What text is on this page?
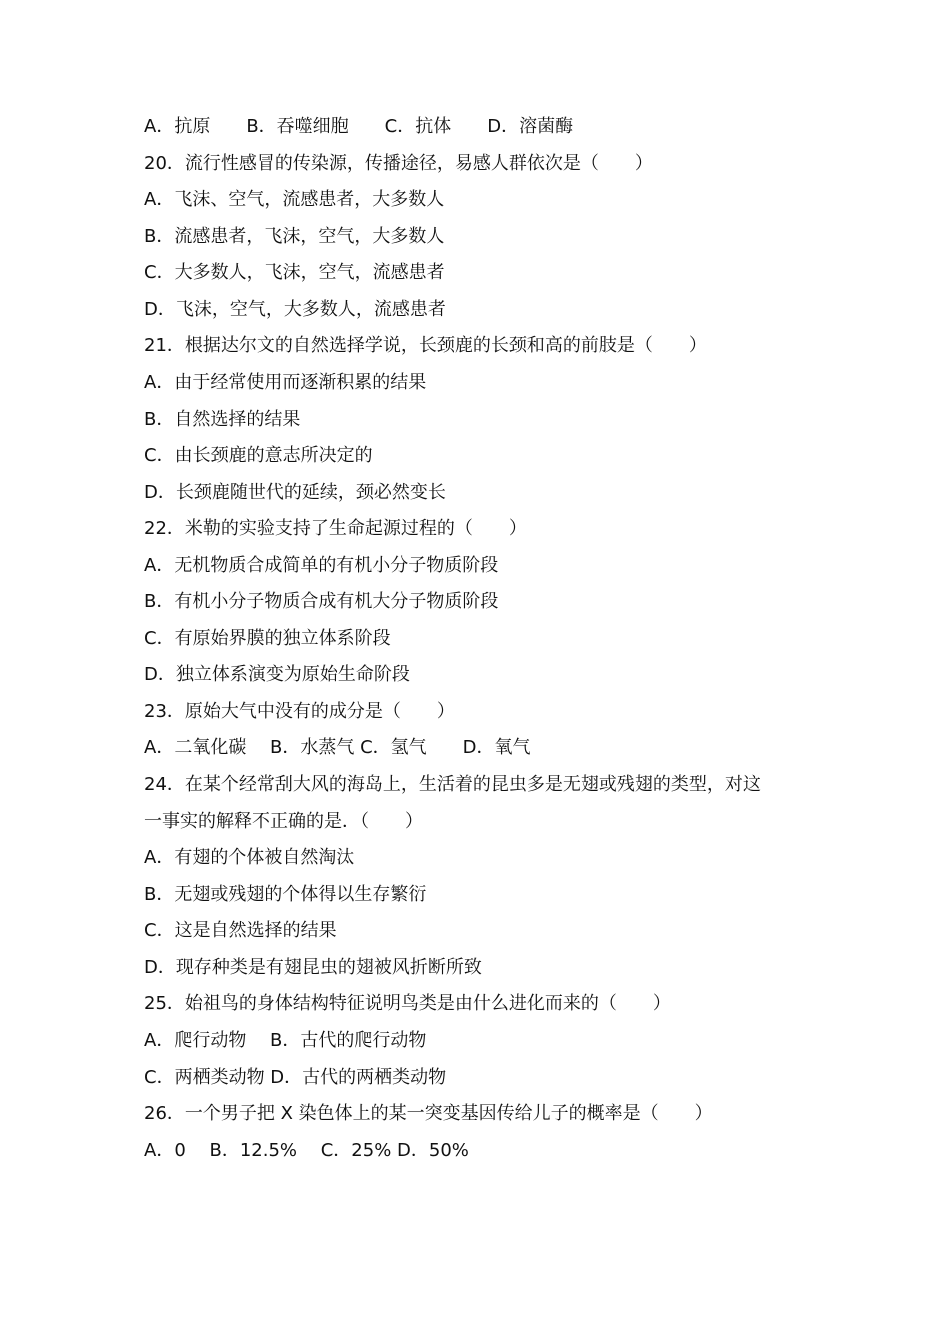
A．抗原　　B．吞噬细胞　　C．抗体　　D．溶菌酶
20．流行性感冒的传染源，传播途径，易感人群依次是（　　）
A．飞沫、空气，流感患者，大多数人
B．流感患者，飞沫，空气，大多数人
C．大多数人，飞沫，空气，流感患者
D．飞沫，空气，大多数人，流感患者
21．根据达尔文的自然选择学说，长颈鹿的长颈和高的前肢是（　　）
A．由于经常使用而逐渐积累的结果
B．自然选择的结果
C．由长颈鹿的意志所决定的
D．长颈鹿随世代的延续，颈必然变长
22．米勒的实验支持了生命起源过程的（　　）
A．无机物质合成简单的有机小分子物质阶段
B．有机小分子物质合成有机大分子物质阶段
C．有原始界膜的独立体系阶段
D．独立体系演变为原始生命阶段
23．原始大气中没有的成分是（　　）
A．二氧化碳　 B．水蒸气 C．氢气　　D．氧气
24．在某个经常刮大风的海岛上，生活着的昆虫多是无翅或残翅的类型，对这
一事实的解释不正确的是．（　　）
A．有翅的个体被自然淘汰
B．无翅或残翅的个体得以生存繁衍
C．这是自然选择的结果
D．现存种类是有翅昆虫的翅被风折断所致
25．始祖鸟的身体结构特征说明鸟类是由什么进化而来的（　　）
A．爬行动物　 B．古代的爬行动物
C．两栖类动物 D．古代的两栖类动物
26．一个男子把 X 染色体上的某一突变基因传给儿子的概率是（　　）
A．0　 B．12.5%　 C．25% D．50%
